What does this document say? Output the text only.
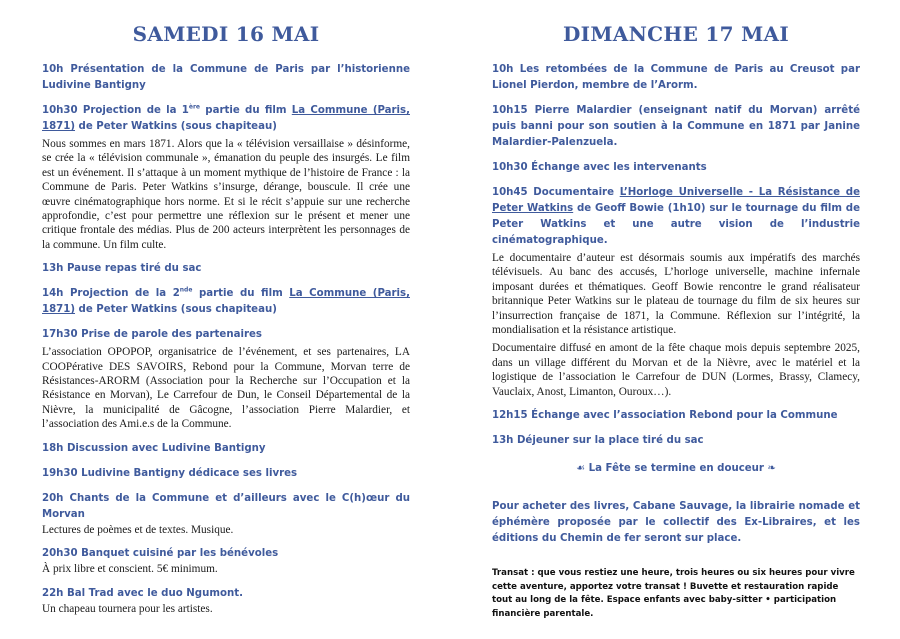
SAMEDI 16 MAI
10h Présentation de la Commune de Paris par l’historienne Ludivine Bantigny
10h30 Projection de la 1ère partie du film La Commune (Paris, 1871) de Peter Watkins (sous chapiteau)

Nous sommes en mars 1871. Alors que la « télévision versaillaise » désinforme, se crée la « télévision communale », émanation du peuple des insurgés. Le film est un événement. Il s’attaque à un moment mythique de l’histoire de France : la Commune de Paris. Peter Watkins s’insurge, dérange, bouscule. Il crée une œuvre cinématographique hors norme. Et si le récit s’appuie sur une recherche approfondie, c’est pour permettre une réflexion sur le présent et mener une critique frontale des médias. Plus de 200 acteurs interprètent les personnages de la commune. Un film culte.

13h Pause repas tiré du sac
14h Projection de la 2nde partie du film La Commune (Paris, 1871) de Peter Watkins (sous chapiteau)
17h30 Prise de parole des partenaires

L’association OPOPOP, organisatrice de l’événement, et ses partenaires, LA COOPérative DES SAVOIRS, Rebond pour la Commune, Morvan terre de Résistances-ARORM (Association pour la Recherche sur l’Occupation et la Résistance en Morvan), Le Carrefour de Dun, le Conseil Départemental de la Nièvre, la municipalité de Gâcogne, l’association Pierre Malardier, et l’association des Ami.e.s de la Commune.

18h Discussion avec Ludivine Bantigny
19h30 Ludivine Bantigny dédicace ses livres
20h Chants de la Commune et d’ailleurs avec le C(h)œur du Morvan

Lectures de poèmes et de textes. Musique.

20h30 Banquet cuisiné par les bénévoles

À prix libre et conscient. 5€ minimum.

22h Bal Trad avec le duo Ngumont.

Un chapeau tournera pour les artistes.

DIMANCHE 17 MAI
10h Les retombées de la Commune de Paris au Creusot par Lionel Pierdon, membre de l’Arorm.
10h15 Pierre Malardier (enseignant natif du Morvan) arrêté puis banni pour son soutien à la Commune en 1871 par Janine Malardier-Palenzuela.
10h30 Échange avec les intervenants
10h45 Documentaire L’Horloge Universelle - La Résistance de Peter Watkins de Geoff Bowie (1h10) sur le tournage du film de Peter Watkins et une autre vision de l’industrie cinématographique.

Le documentaire d’auteur est désormais soumis aux impératifs des marchés télévisuels. Au banc des accusés, L’horloge universelle, machine infernale imposant durées et thématiques. Geoff Bowie rencontre le grand réalisateur britannique Peter Watkins sur le plateau de tournage du film de six heures sur l’insurrection française de 1871, la Commune. Réflexion sur l’intégrité, la mondialisation et la résistance artistique.

Documentaire diffusé en amont de la fête chaque mois depuis septembre 2025, dans un village différent du Morvan et de la Nièvre, avec le matériel et la logistique de l’association le Carrefour de DUN (Lormes, Brassy, Clamecy, Vauclaix, Anost, Limanton, Ouroux…).

12h15 Échange avec l’association Rebond pour la Commune
13h Déjeuner sur la place tiré du sac
☙ La Fête se termine en douceur ❧
Pour acheter des livres, Cabane Sauvage, la librairie nomade et éphémère proposée par le collectif des Ex-Libraires, et les éditions du Chemin de fer seront sur place.
Transat : que vous restiez une heure, trois heures ou six heures pour vivre cette aventure, apportez votre transat ! Buvette et restauration rapide tout au long de la fête. Espace enfants avec baby-sitter • participation financière parentale.
